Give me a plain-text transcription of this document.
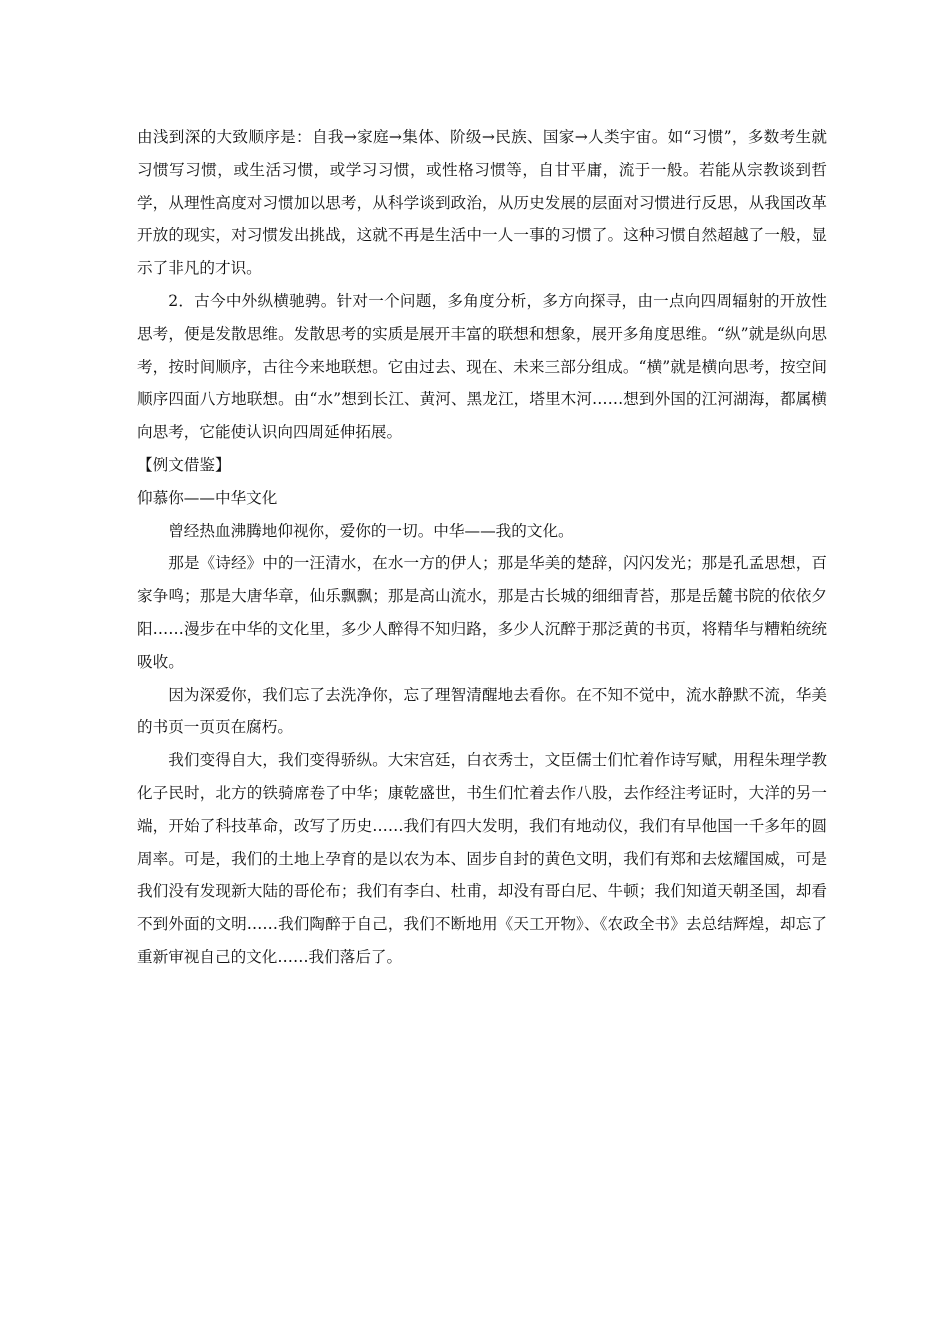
由浅到深的大致顺序是：自我→家庭→集体、阶级→民族、国家→人类宇宙。如“习惯”，多数考生就习惯写习惯，或生活习惯，或学习习惯，或性格习惯等，自甘平庸，流于一般。若能从宗教谈到哲学，从理性高度对习惯加以思考，从科学谈到政治，从历史发展的层面对习惯进行反思，从我国改革开放的现实，对习惯发出挑战，这就不再是生活中一人一事的习惯了。这种习惯自然超越了一般，显示了非凡的才识。

2．古今中外纵横驰骋。针对一个问题，多角度分析，多方向探寻，由一点向四周辐射的开放性思考，便是发散思维。发散思考的实质是展开丰富的联想和想象，展开多角度思维。“纵”就是纵向思考，按时间顺序，古往今来地联想。它由过去、现在、未来三部分组成。“横”就是横向思考，按空间顺序四面八方地联想。由“水”想到长江、黄河、黑龙江，塔里木河……想到外国的江河湖海，都属横向思考，它能使认识向四周延伸拓展。

【例文借鉴】

仰慕你——中华文化

曾经热血沸腾地仰视你，爱你的一切。中华——我的文化。

那是《诗经》中的一汪清水，在水一方的伊人；那是华美的楚辞，闪闪发光；那是孔孟思想，百家争鸣；那是大唐华章，仙乐飘飘；那是高山流水，那是古长城的细细青苔，那是岳麓书院的依依夕阳……漫步在中华的文化里，多少人醉得不知归路，多少人沉醉于那泛黄的书页，将精华与糟粕统统吸收。

因为深爱你，我们忘了去洗净你，忘了理智清醒地去看你。在不知不觉中，流水静默不流，华美的书页一页页在腐朽。

我们变得自大，我们变得骄纵。大宋宫廷，白衣秀士，文臣儒士们忙着作诗写赋，用程朱理学教化子民时，北方的铁骑席卷了中华；康乾盛世，书生们忙着去作八股，去作经注考证时，大洋的另一端，开始了科技革命，改写了历史……我们有四大发明，我们有地动仪，我们有早他国一千多年的圆周率。可是，我们的土地上孕育的是以农为本、固步自封的黄色文明，我们有郑和去炫耀国威，可是我们没有发现新大陆的哥伦布；我们有李白、杜甫，却没有哥白尼、牛顿；我们知道天朝圣国，却看不到外面的文明……我们陶醉于自己，我们不断地用《天工开物》、《农政全书》去总结辉煌，却忘了重新审视自己的文化……我们落后了。
